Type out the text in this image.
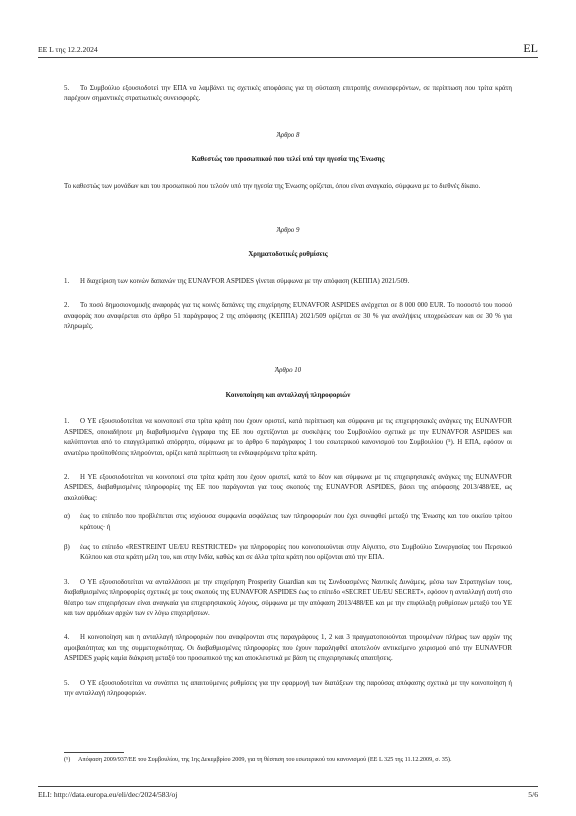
EE L της 12.2.2024	EL

5. Το Συμβούλιο εξουσιοδοτεί την ΕΠΑ να λαμβάνει τις σχετικές αποφάσεις για τη σύσταση επιτροπής συνεισφερόντων, σε περίπτωση που τρίτα κράτη παρέχουν σημαντικές στρατιωτικές συνεισφορές.

Άρθρο 8
Καθεστώς του προσωπικού που τελεί υπό την ηγεσία της Ένωσης

Το καθεστώς των μονάδων και του προσωπικού που τελούν υπό την ηγεσία της Ένωσης ορίζεται, όπου είναι αναγκαίο, σύμφωνα με το διεθνές δίκαιο.

Άρθρο 9
Χρηματοδοτικές ρυθμίσεις

1. Η διαχείριση των κοινών δαπανών της EUNAVFOR ASPIDES γίνεται σύμφωνα με την απόφαση (ΚΕΠΠΑ) 2021/509.

2. Το ποσό δημοσιονομικής αναφοράς για τις κοινές δαπάνες της επιχείρησης EUNAVFOR ASPIDES ανέρχεται σε 8 000 000 EUR. Το ποσοστό του ποσού αναφοράς που αναφέρεται στο άρθρο 51 παράγραφος 2 της απόφασης (ΚΕΠΠΑ) 2021/509 ορίζεται σε 30 % για αναλήψεις υποχρεώσεων και σε 30 % για πληρωμές.

Άρθρο 10
Κοινοποίηση και ανταλλαγή πληροφοριών

1. Ο ΥΕ εξουσιοδοτείται να κοινοποιεί στα τρίτα κράτη που έχουν οριστεί, κατά περίπτωση και σύμφωνα με τις επιχειρησιακές ανάγκες της EUNAVFOR ASPIDES, οποιαδήποτε μη διαβαθμισμένα έγγραφα της ΕΕ που σχετίζονται με συσκέψεις του Συμβουλίου σχετικά με την EUNAVFOR ASPIDES και καλύπτονται από το επαγγελματικό απόρρητο, σύμφωνα με το άρθρο 6 παράγραφος 1 του εσωτερικού κανονισμού του Συμβουλίου (⁵). Η ΕΠΑ, εφόσον οι ανωτέρω προϋποθέσεις πληρούνται, ορίζει κατά περίπτωση τα ενδιαφερόμενα τρίτα κράτη.

2. Η ΥΕ εξουσιοδοτείται να κοινοποιεί στα τρίτα κράτη που έχουν οριστεί, κατά το δέον και σύμφωνα με τις επιχειρησιακές ανάγκες της EUNAVFOR ASPIDES, διαβαθμισμένες πληροφορίες της ΕΕ που παράγονται για τους σκοπούς της EUNAVFOR ASPIDES, βάσει της απόφασης 2013/488/ΕΕ, ως ακολούθως:

α)	έως το επίπεδο που προβλέπεται στις ισχύουσα συμφωνία ασφάλειας των πληροφοριών που έχει συναφθεί μεταξύ της Ένωσης και του οικείου τρίτου κράτους· ή
β)	έως το επίπεδο «RESTREINT UE/EU RESTRICTED» για πληροφορίες που κοινοποιούνται στην Αίγυπτο, στο Συμβούλιο Συνεργασίας του Περσικού Κόλπου και στα κράτη μέλη του, και στην Ινδία, καθώς και σε άλλα τρίτα κράτη που ορίζονται από την ΕΠΑ.

3. Ο ΥΕ εξουσιοδοτείται να ανταλλάσσει με την επιχείρηση Prosperity Guardian και τις Συνδυασμένες Ναυτικές Δυνάμεις, μέσω των Στρατηγείων τους, διαβαθμισμένες πληροφορίες σχετικές με τους σκοπούς της EUNAVFOR ASPIDES έως το επίπεδο «SECRET UE/EU SECRET», εφόσον η ανταλλαγή αυτή στο θέατρο των επιχειρήσεων είναι αναγκαία για επιχειρησιακούς λόγους, σύμφωνα με την απόφαση 2013/488/ΕΕ και με την επιφύλαξη ρυθμίσεων μεταξύ του ΥΕ και των αρμόδιων αρχών των εν λόγω επιχειρήσεων.

4. Η κοινοποίηση και η ανταλλαγή πληροφοριών που αναφέρονται στις παραγράφους 1, 2 και 3 πραγματοποιούνται τηρουμένων πλήρως των αρχών της αμοιβαιότητας και της συμμετοχικότητας. Οι διαβαθμισμένες πληροφορίες που έχουν παραληφθεί αποτελούν αντικείμενο χειρισμού από την EUNAVFOR ASPIDES χωρίς καμία διάκριση μεταξύ του προσωπικού της και αποκλειστικά με βάση τις επιχειρησιακές απαιτήσεις.

5. Ο ΥΕ εξουσιοδοτείται να συνάπτει τις απαιτούμενες ρυθμίσεις για την εφαρμογή των διατάξεων της παρούσας απόφασης σχετικά με την κοινοποίηση ή την ανταλλαγή πληροφοριών.

(⁵)	Απόφαση 2009/937/ΕΕ του Συμβουλίου, της 1ης Δεκεμβρίου 2009, για τη θέσπιση του εσωτερικού του κανονισμού (EE L 325 της 11.12.2009, σ. 35).
ELI: http://data.europa.eu/eli/dec/2024/583/oj	5/6
